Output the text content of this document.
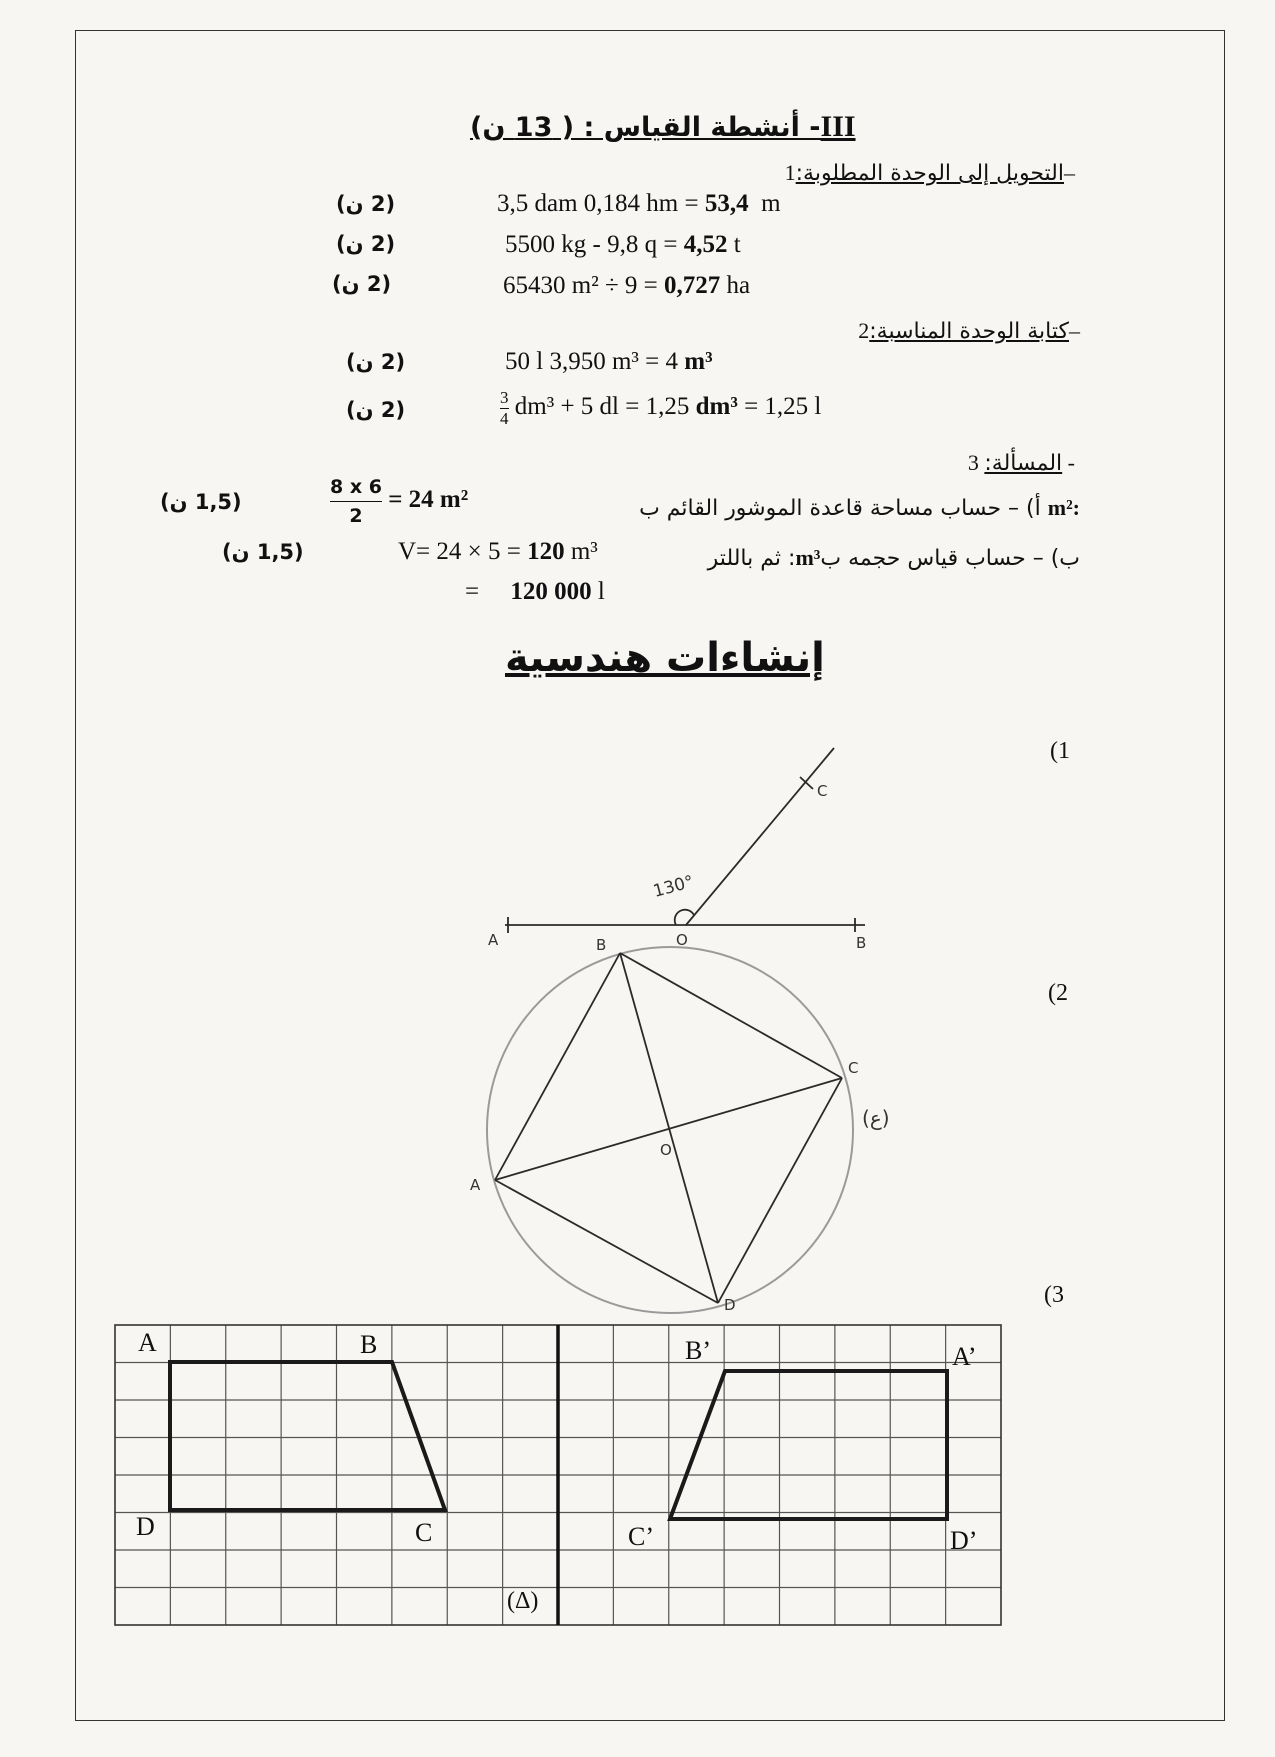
- أنشطة القياس : ( 13 ن)III
التحويل إلى الوحدة المطلوبة:1–
3,5 dam 0,184 hm = 53,4 m
(2 ن)
5500 kg - 9,8 q = 4,52 t
(2 ن)
65430 m² ÷ 9 = 0,727 ha
(2 ن)
كتابة الوحدة المناسبة:2–
50 l 3,950 m³ = 4 m³
(2 ن)
$\frac{3}{4} dm^3 + 5$ dl = 1,25 dm³ = 1,25 l
(2 ن)
المسألة: 3 -
أ) – حساب مساحة قاعدة الموشور القائم ب m²:
$\frac{8 x 6}{2} = 24$ m²
(1,5 ن)
ثم باللتر :m³ب) – حساب قياس حجمه ب
V= 24 × 5 = 120 m³
(1,5 ن)
= 120 000 l
إنشاءات هندسية
(1
(2
(3
A	B
O
C
130°
B
C
A
D
O
(ع)
A	B
D	C
B’	A’
C’	D’
(Δ)
